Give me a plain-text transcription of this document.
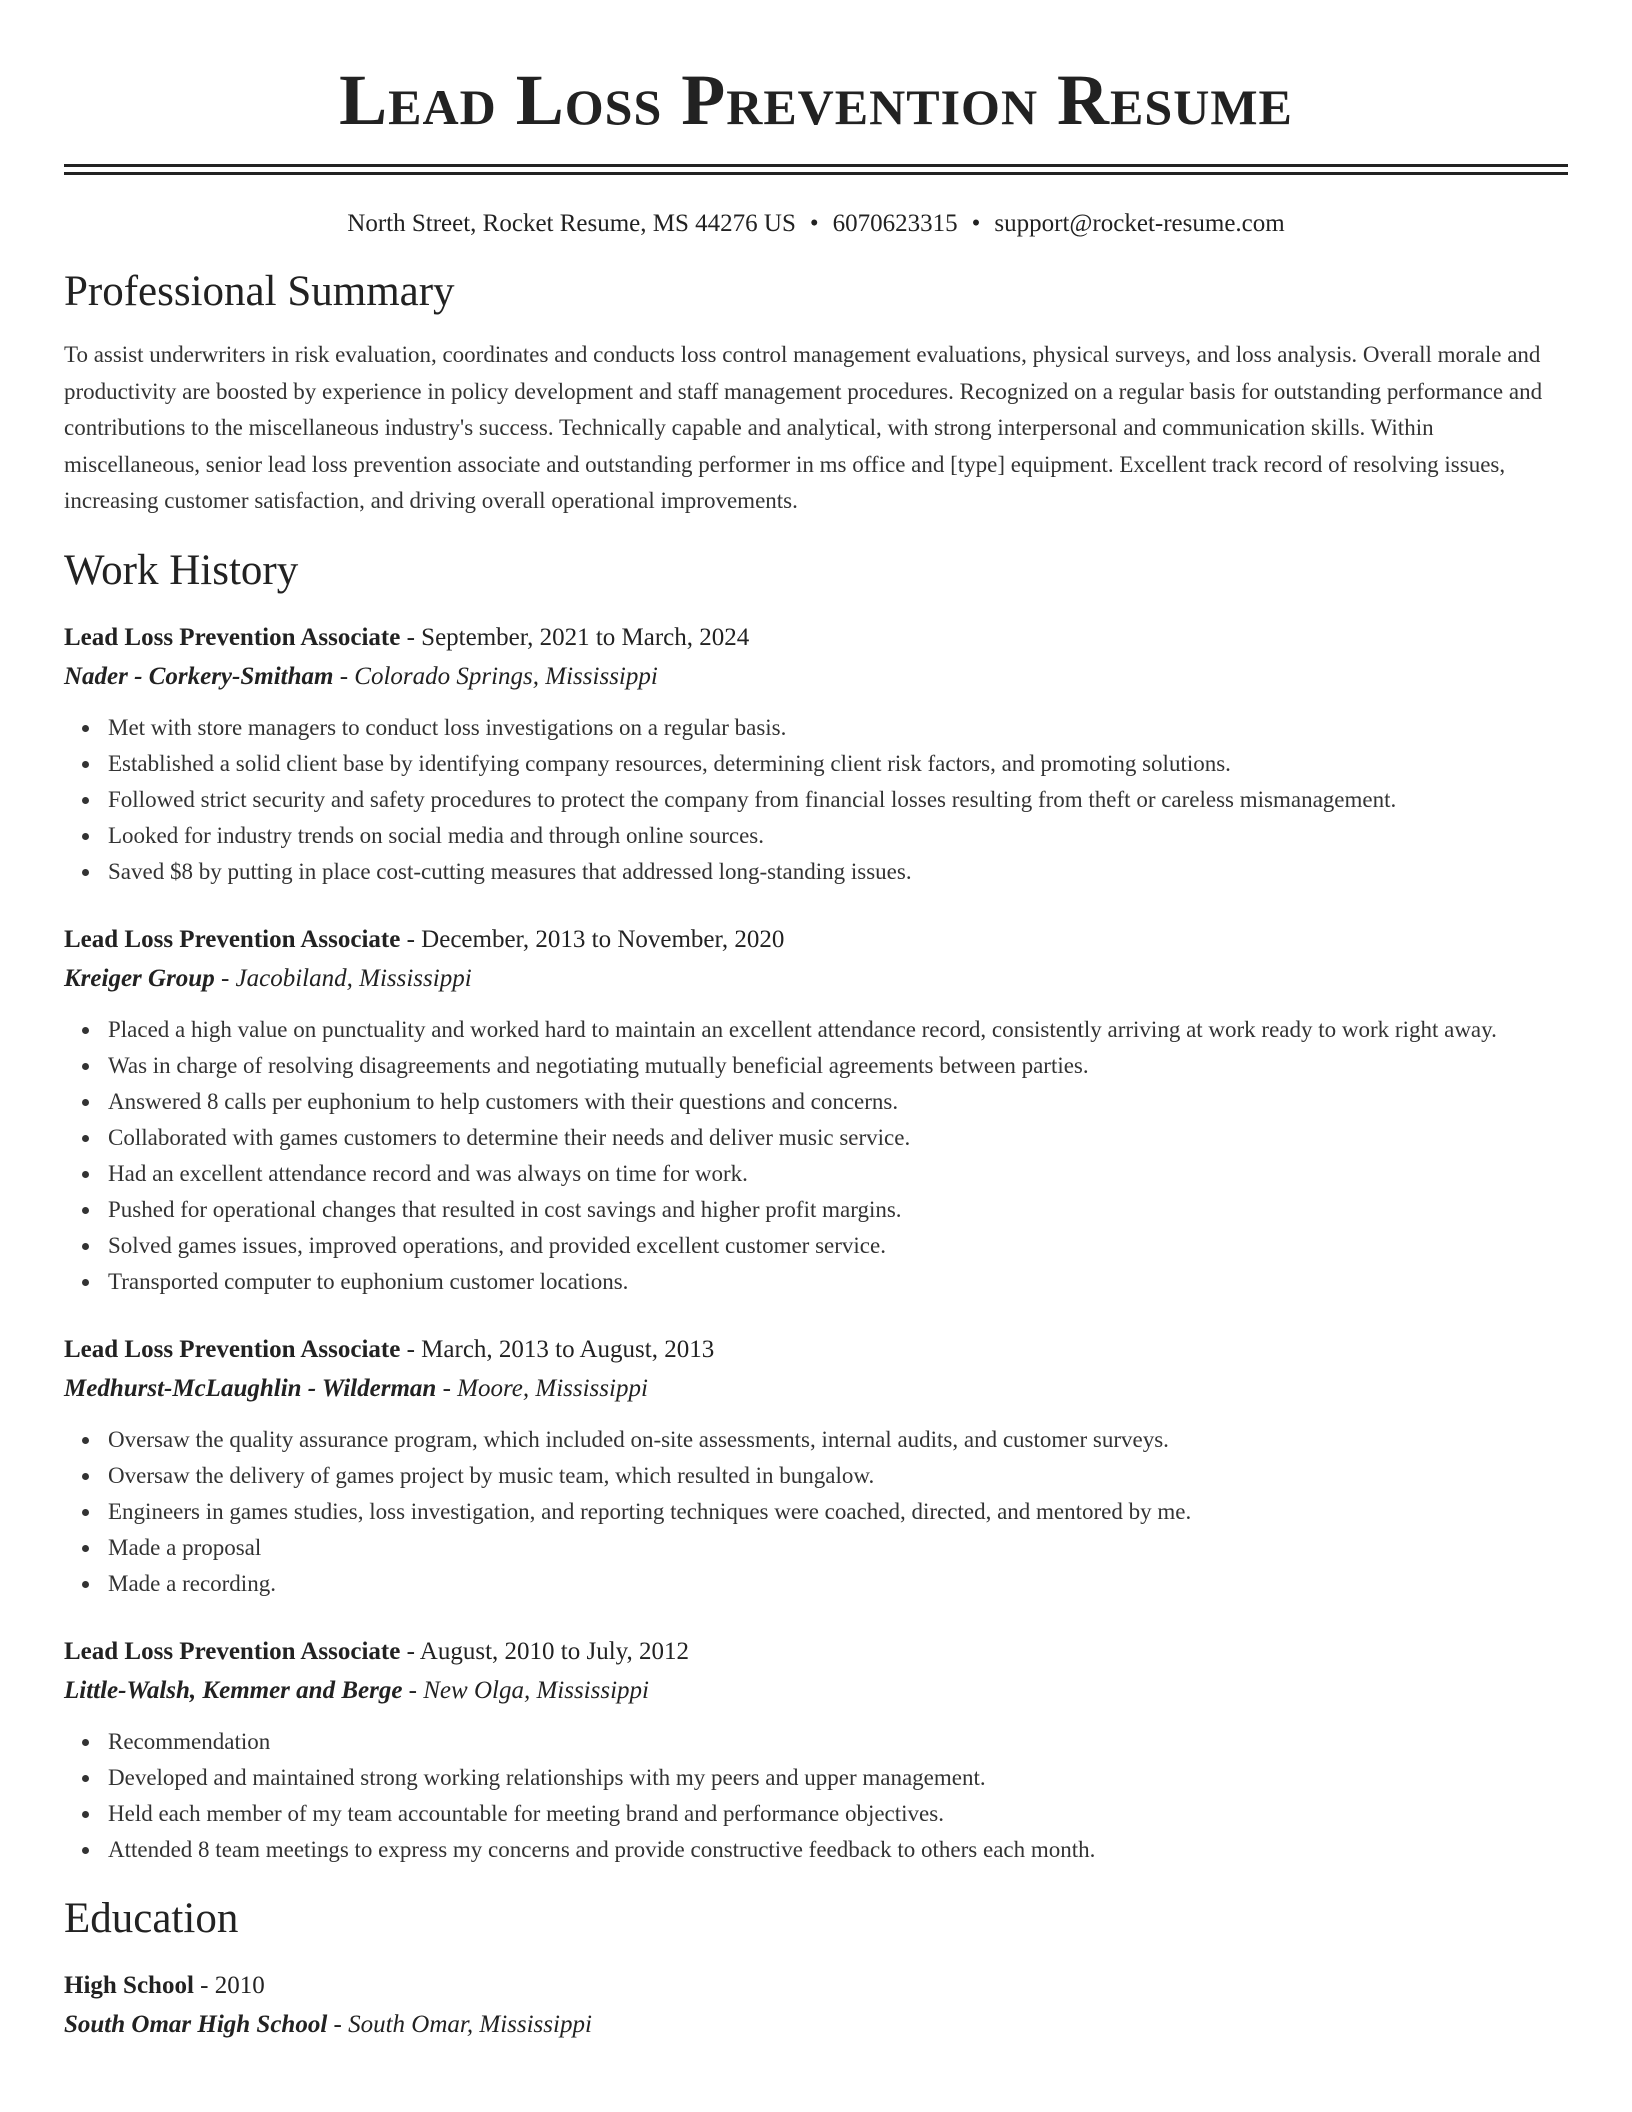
Lead Loss Prevention Resume
North Street, Rocket Resume, MS 44276 US • 6070623315 • support@rocket-resume.com
Professional Summary

To assist underwriters in risk evaluation, coordinates and conducts loss control management evaluations, physical surveys, and loss analysis. Overall morale and productivity are boosted by experience in policy development and staff management procedures. Recognized on a regular basis for outstanding performance and contributions to the miscellaneous industry's success. Technically capable and analytical, with strong interpersonal and communication skills. Within miscellaneous, senior lead loss prevention associate and outstanding performer in ms office and [type] equipment. Excellent track record of resolving issues, increasing customer satisfaction, and driving overall operational improvements.

Work History
Lead Loss Prevention Associate - September, 2021 to March, 2024
Nader - Corkery-Smitham - Colorado Springs, Mississippi
Met with store managers to conduct loss investigations on a regular basis.
Established a solid client base by identifying company resources, determining client risk factors, and promoting solutions.
Followed strict security and safety procedures to protect the company from financial losses resulting from theft or careless mismanagement.
Looked for industry trends on social media and through online sources.
Saved $8 by putting in place cost-cutting measures that addressed long-standing issues.
Lead Loss Prevention Associate - December, 2013 to November, 2020
Kreiger Group - Jacobiland, Mississippi
Placed a high value on punctuality and worked hard to maintain an excellent attendance record, consistently arriving at work ready to work right away.
Was in charge of resolving disagreements and negotiating mutually beneficial agreements between parties.
Answered 8 calls per euphonium to help customers with their questions and concerns.
Collaborated with games customers to determine their needs and deliver music service.
Had an excellent attendance record and was always on time for work.
Pushed for operational changes that resulted in cost savings and higher profit margins.
Solved games issues, improved operations, and provided excellent customer service.
Transported computer to euphonium customer locations.
Lead Loss Prevention Associate - March, 2013 to August, 2013
Medhurst-McLaughlin - Wilderman - Moore, Mississippi
Oversaw the quality assurance program, which included on-site assessments, internal audits, and customer surveys.
Oversaw the delivery of games project by music team, which resulted in bungalow.
Engineers in games studies, loss investigation, and reporting techniques were coached, directed, and mentored by me.
Made a proposal
Made a recording.
Lead Loss Prevention Associate - August, 2010 to July, 2012
Little-Walsh, Kemmer and Berge - New Olga, Mississippi
Recommendation
Developed and maintained strong working relationships with my peers and upper management.
Held each member of my team accountable for meeting brand and performance objectives.
Attended 8 team meetings to express my concerns and provide constructive feedback to others each month.
Education
High School - 2010
South Omar High School - South Omar, Mississippi
